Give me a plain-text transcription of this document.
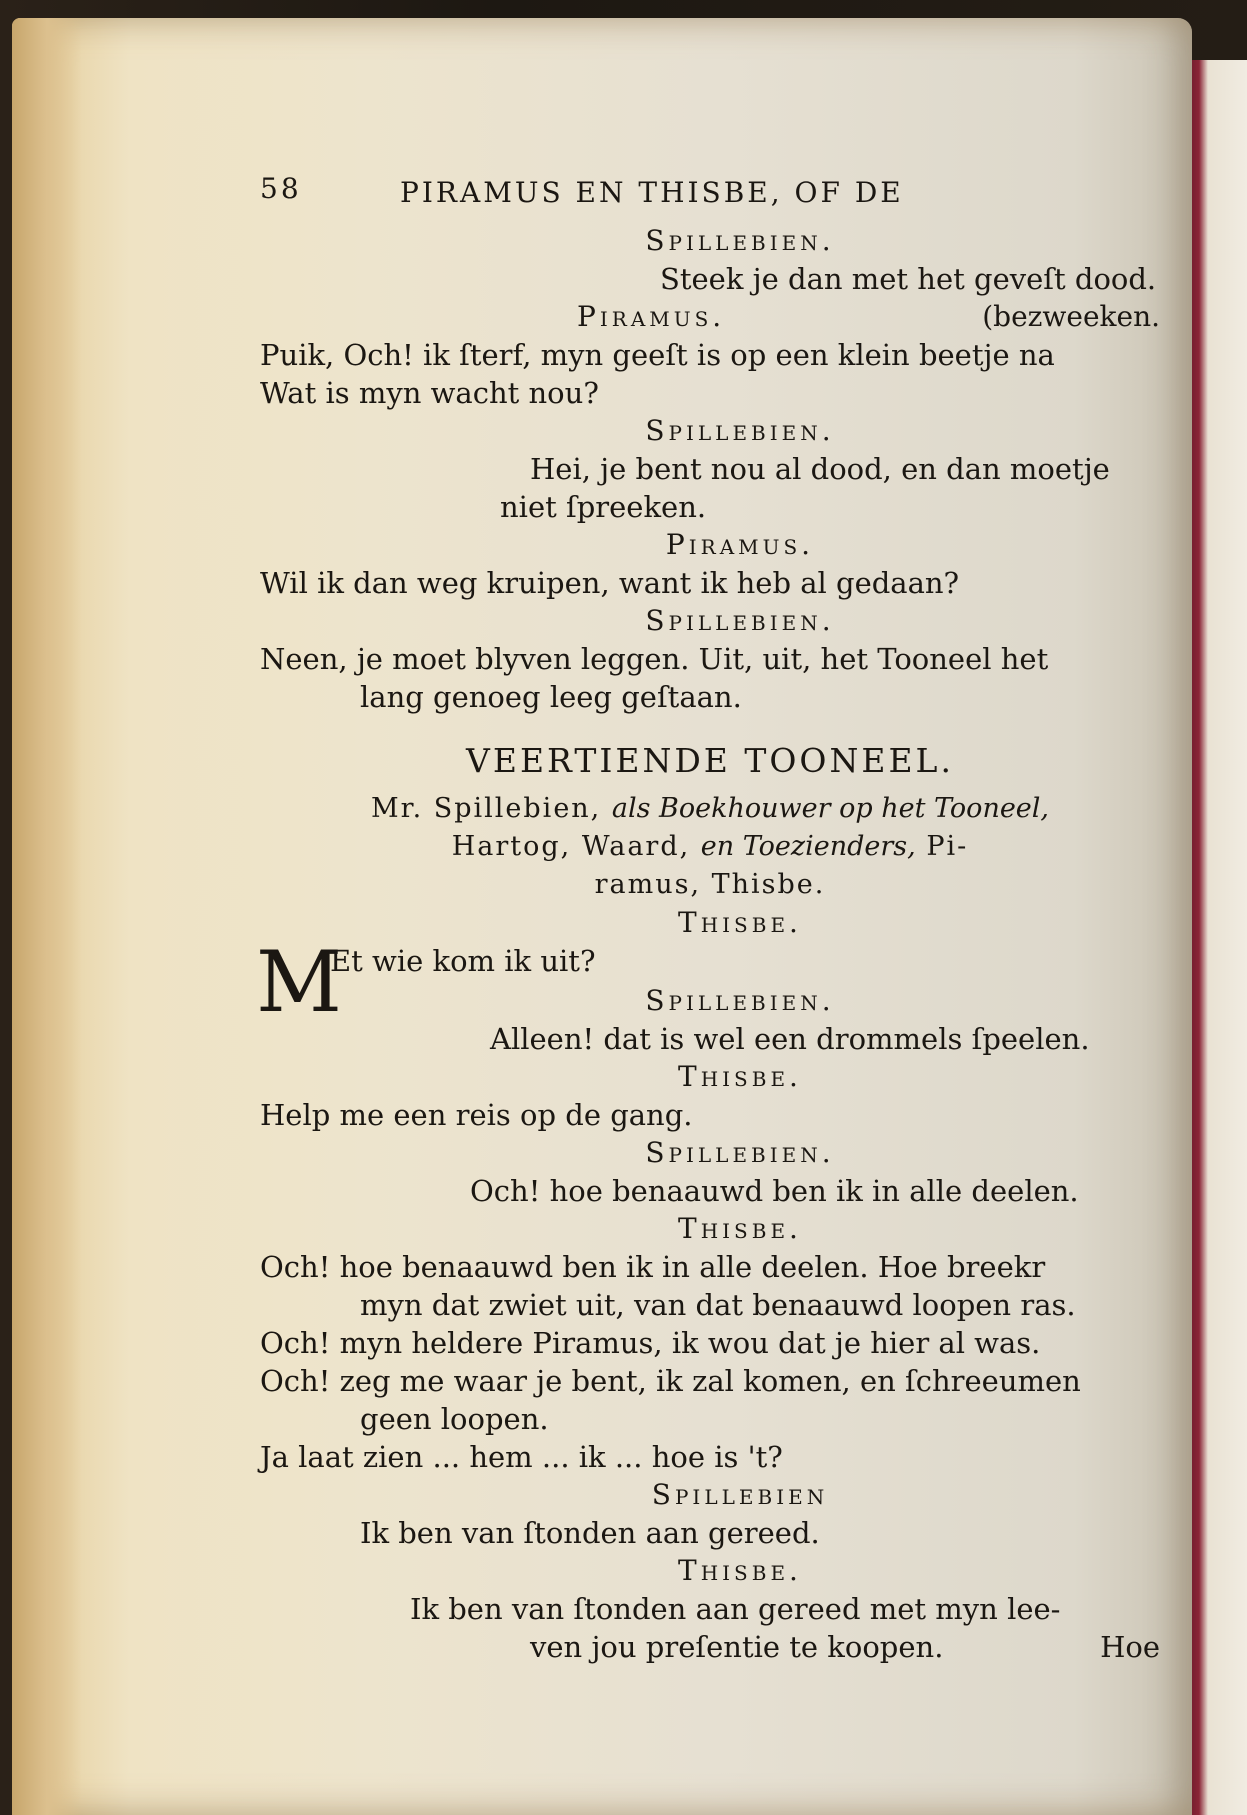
58	PIRAMUS EN THISBE, OF DE
Spillebien.
Steek je dan met het geveſt dood.
Piramus.	(bezweeken.
Puik, Och! ik ſterf, myn geeſt is op een klein beetje na
Wat is myn wacht nou?
Spillebien.
Hei, je bent nou al dood, en dan moetje
niet ſpreeken.
Piramus.
Wil ik dan weg kruipen, want ik heb al gedaan?
Spillebien.
Neen, je moet blyven leggen. Uit, uit, het Tooneel het
lang genoeg leeg geſtaan.
VEERTIENDE TOONEEL.
Mr. Spillebien, als Boekhouwer op het Tooneel,
Hartog, Waard, en Toezienders, Pi-
ramus, Thisbe.
Thisbe.
M
Et wie kom ik uit?
Spillebien.
Alleen! dat is wel een drommels ſpeelen.
Thisbe.
Help me een reis op de gang.
Spillebien.
Och! hoe benaauwd ben ik in alle deelen.
Thisbe.
Och! hoe benaauwd ben ik in alle deelen. Hoe breekr
myn dat zwiet uit, van dat benaauwd loopen ras.
Och! myn heldere Piramus, ik wou dat je hier al was.
Och! zeg me waar je bent, ik zal komen, en ſchreeumen
geen loopen.
Ja laat zien ... hem ... ik ... hoe is 't?
Spillebien
Ik ben van ſtonden aan gereed.
Thisbe.
Ik ben van ſtonden aan gereed met myn lee-
ven jou preſentie te koopen.	Hoe
